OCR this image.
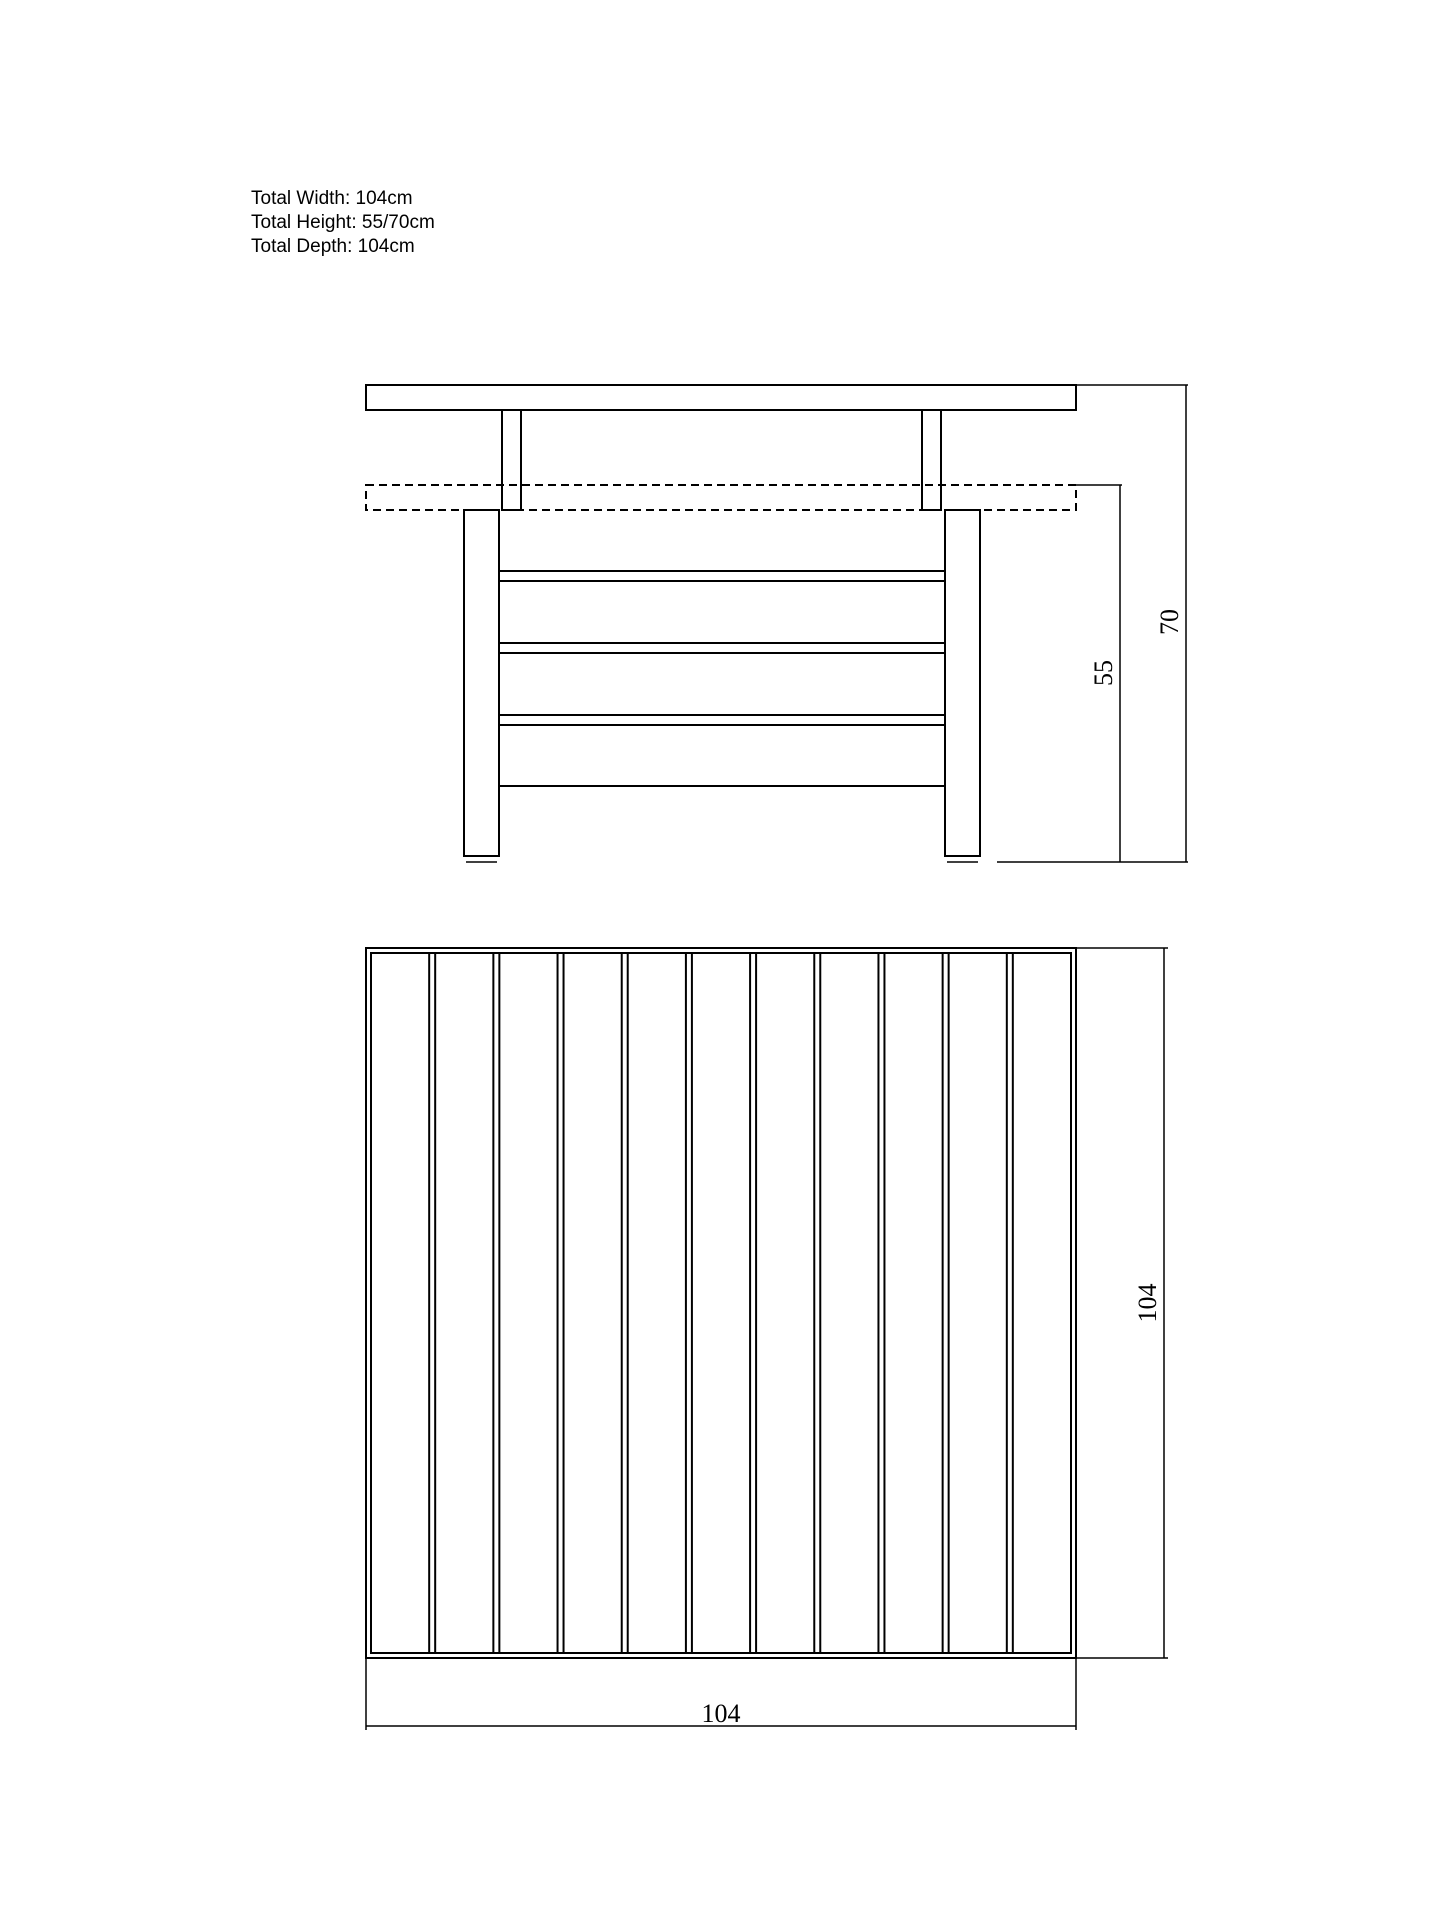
Total Width: 104cm
Total Height: 55/70cm
Total Depth: 104cm
70
55
104
104
